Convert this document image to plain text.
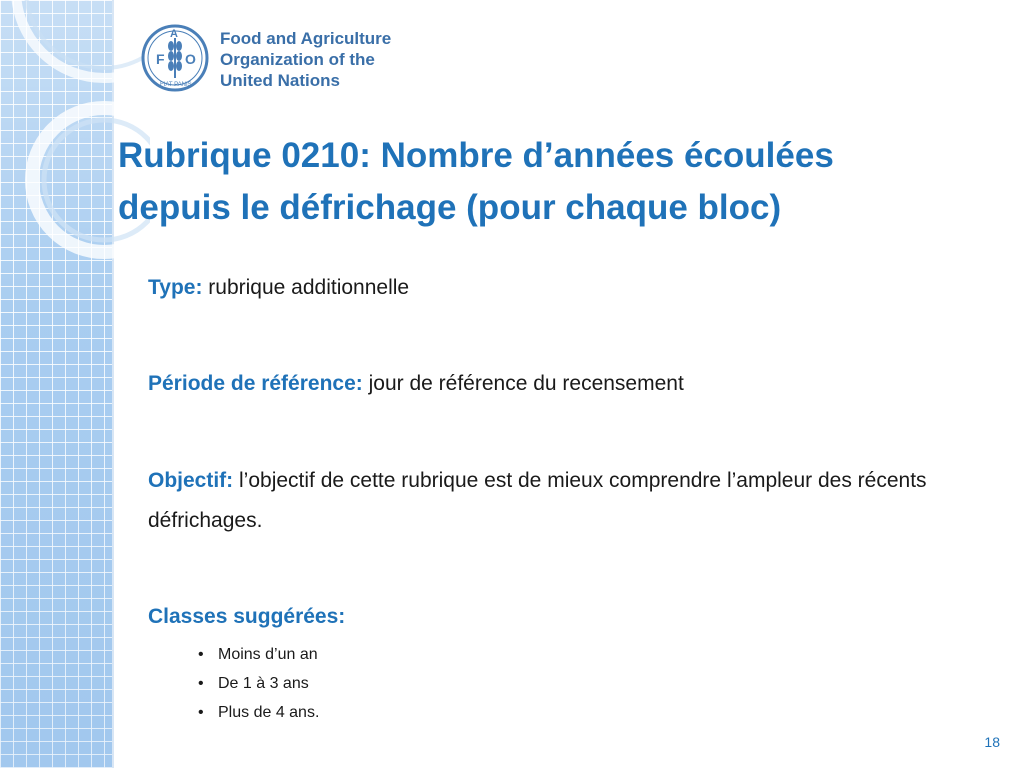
F
A
O
FIAT PANIS
Food and Agriculture
Organization of the
United Nations
Rubrique 0210: Nombre d’années écoulées
depuis le défrichage (pour chaque bloc)

Type: rubrique additionnelle

Période de référence: jour de référence du recensement

Objectif: l’objectif de cette rubrique est de mieux comprendre l’ampleur des récents défrichages.

Classes suggérées:

• Moins d’un an
• De 1 à 3 ans
• Plus de 4 ans.
18
